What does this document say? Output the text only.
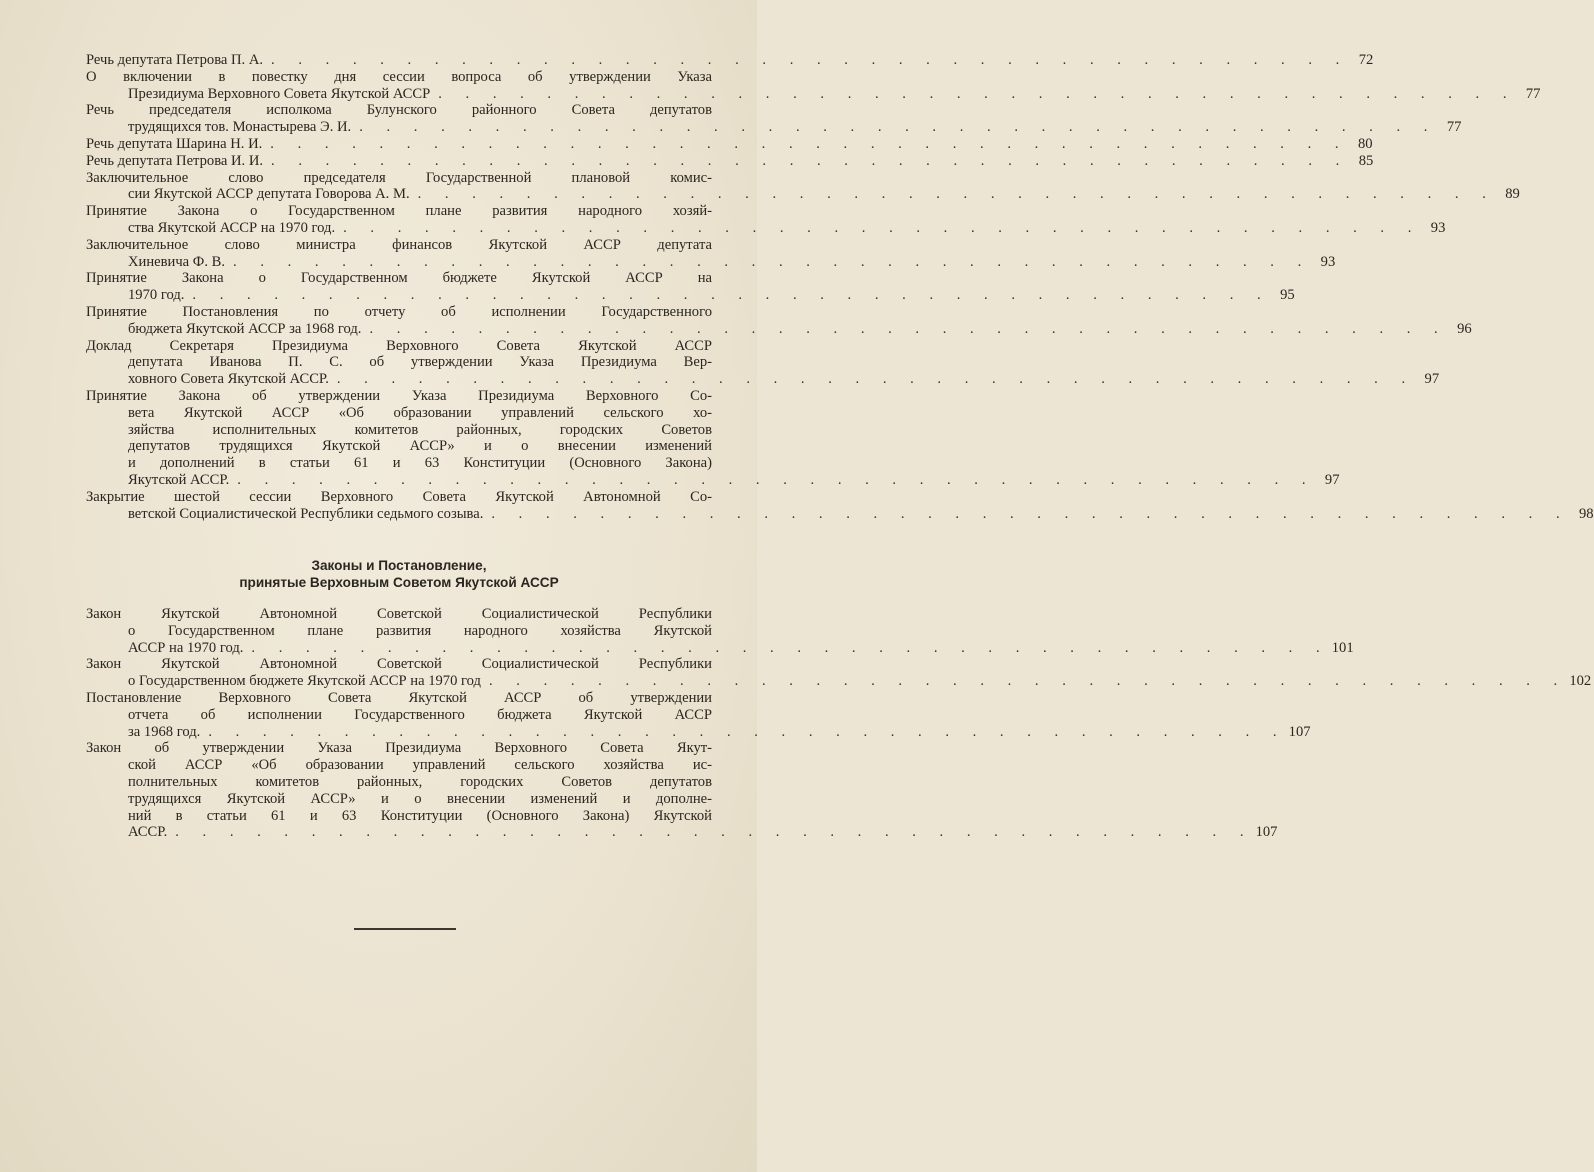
Речь депутата Петрова П. А. . . . . . . . . . . . . . . . . . . . . . . . . . . . . . . . . . . . . . . . . 72
О включении в повестку дня сессии вопроса об утверждении Указа
Президиума Верховного Совета Якутской АССР . . . . . . . . . . . . . . . . . . . . . . . . . . . . . . . . . . . . . . . . 77
Речь председателя исполкома Булунского районного Совета депутатов
трудящихся тов. Монастырева Э. И. . . . . . . . . . . . . . . . . . . . . . . . . . . . . . . . . . . . . . . . . 77
Речь депутата Шарина Н. И. . . . . . . . . . . . . . . . . . . . . . . . . . . . . . . . . . . . . . . . . 80
Речь депутата Петрова И. И. . . . . . . . . . . . . . . . . . . . . . . . . . . . . . . . . . . . . . . . . 85
Заключительное слово председателя Государственной плановой комис-
сии Якутской АССР депутата Говорова А. М. . . . . . . . . . . . . . . . . . . . . . . . . . . . . . . . . . . . . . . . . 89
Принятие Закона о Государственном плане развития народного хозяй-
ства Якутской АССР на 1970 год. . . . . . . . . . . . . . . . . . . . . . . . . . . . . . . . . . . . . . . . . 93
Заключительное слово министра финансов Якутской АССР депутата
Хиневича Ф. В. . . . . . . . . . . . . . . . . . . . . . . . . . . . . . . . . . . . . . . . . 93
Принятие Закона о Государственном бюджете Якутской АССР на
1970 год. . . . . . . . . . . . . . . . . . . . . . . . . . . . . . . . . . . . . . . . . 95
Принятие Постановления по отчету об исполнении Государственного
бюджета Якутской АССР за 1968 год. . . . . . . . . . . . . . . . . . . . . . . . . . . . . . . . . . . . . . . . . 96
Доклад Секретаря Президиума Верховного Совета Якутской АССР
депутата Иванова П. С. об утверждении Указа Президиума Вер-
ховного Совета Якутской АССР. . . . . . . . . . . . . . . . . . . . . . . . . . . . . . . . . . . . . . . . . 97
Принятие Закона об утверждении Указа Президиума Верховного Со-
вета Якутской АССР «Об образовании управлений сельского хо-
зяйства исполнительных комитетов районных, городских Советов
депутатов трудящихся Якутской АССР» и о внесении изменений
и дополнений в статьи 61 и 63 Конституции (Основного Закона)
Якутской АССР. . . . . . . . . . . . . . . . . . . . . . . . . . . . . . . . . . . . . . . . . 97
Закрытие шестой сессии Верховного Совета Якутской Автономной Со-
ветской Социалистической Республики седьмого созыва. . . . . . . . . . . . . . . . . . . . . . . . . . . . . . . . . . . . . . . . . 98
Законы и Постановление,
принятые Верховным Советом Якутской АССР
Закон Якутской Автономной Советской Социалистической Республики
о Государственном плане развития народного хозяйства Якутской
АССР на 1970 год. . . . . . . . . . . . . . . . . . . . . . . . . . . . . . . . . . . . . . . . . 101
Закон Якутской Автономной Советской Социалистической Республики
о Государственном бюджете Якутской АССР на 1970 год . . . . . . . . . . . . . . . . . . . . . . . . . . . . . . . . . . . . . . . . 102
Постановление Верховного Совета Якутской АССР об утверждении
отчета об исполнении Государственного бюджета Якутской АССР
за 1968 год. . . . . . . . . . . . . . . . . . . . . . . . . . . . . . . . . . . . . . . . . 107
Закон об утверждении Указа Президиума Верховного Совета Якут-
ской АССР «Об образовании управлений сельского хозяйства ис-
полнительных комитетов районных, городских Советов депутатов
трудящихся Якутской АССР» и о внесении изменений и дополне-
ний в статьи 61 и 63 Конституции (Основного Закона) Якутской
АССР. . . . . . . . . . . . . . . . . . . . . . . . . . . . . . . . . . . . . . . . . 107
